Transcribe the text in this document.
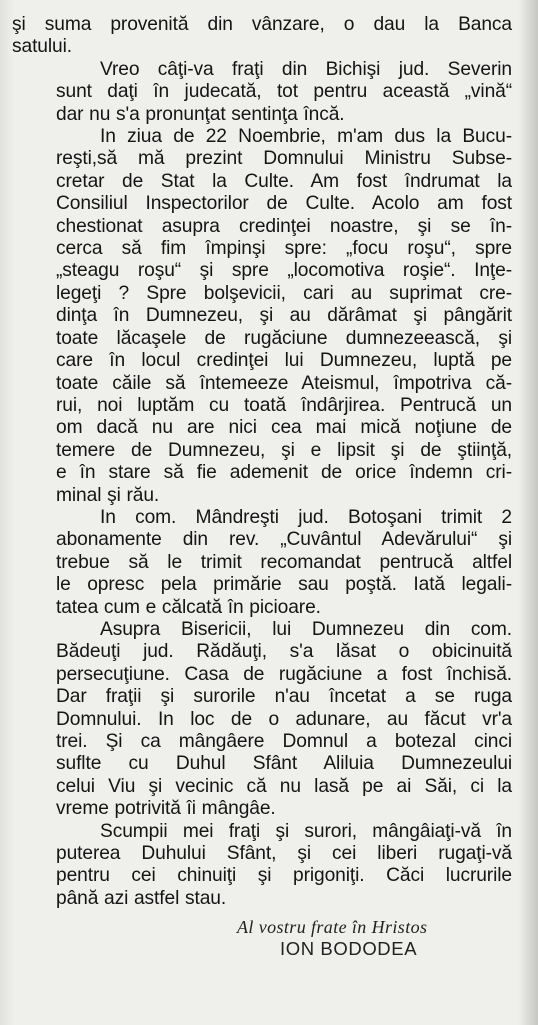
şi suma provenită din vânzare, o dau la Banca
satului.

Vreo câţi-va fraţi din Bichişi jud. Severin
sunt daţi în judecată, tot pentru această „vină“
dar nu s'a pronunţat sentinţa încă.

In ziua de 22 Noembrie, m'am dus la Bucu-
reşti,să mă prezint Domnului Ministru Subse-
cretar de Stat la Culte. Am fost îndrumat la
Consiliul Inspectorilor de Culte. Acolo am fost
chestionat asupra credinţei noastre, şi se în-
cerca să fim împinşi spre: „focu roşu“, spre
„steagu roşu“ şi spre „locomotiva roşie“. Inţe-
legeţi ? Spre bolşevicii, cari au suprimat cre-
dinţa în Dumnezeu, şi au dărâmat şi pângărit
toate lăcaşele de rugăciune dumnezeească, şi
care în locul credinţei lui Dumnezeu, luptă pe
toate căile să întemeeze Ateismul, împotriva că-
rui, noi luptăm cu toată îndârjirea. Pentrucă un
om dacă nu are nici cea mai mică noţiune de
temere de Dumnezeu, şi e lipsit şi de ştiinţă,
e în stare să fie ademenit de orice îndemn cri-
minal şi rău.

In com. Mândreşti jud. Botoşani trimit 2
abonamente din rev. „Cuvântul Adevărului“ şi
trebue să le trimit recomandat pentrucă altfel
le opresc pela primărie sau poştă. Iată legali-
tatea cum e călcată în picioare.

Asupra Bisericii, lui Dumnezeu din com.
Bădeuţi jud. Rădăuţi, s'a lăsat o obicinuită
persecuţiune. Casa de rugăciune a fost închisă.
Dar fraţii şi surorile n'au încetat a se ruga
Domnului. In loc de o adunare, au făcut vr'a
trei. Şi ca mângâere Domnul a botezal cinci
suflte cu Duhul Sfânt Aliluia Dumnezeului
celui Viu şi vecinic că nu lasă pe ai Săi, ci la
vreme potrivită îi mângâe.

Scumpii mei fraţi şi surori, mângâiaţi-vă în
puterea Duhului Sfânt, şi cei liberi rugaţi-vă
pentru cei chinuiţi şi prigoniţi. Căci lucrurile
până azi astfel stau.

Al vostru frate în Hristos
ION BODODEA
